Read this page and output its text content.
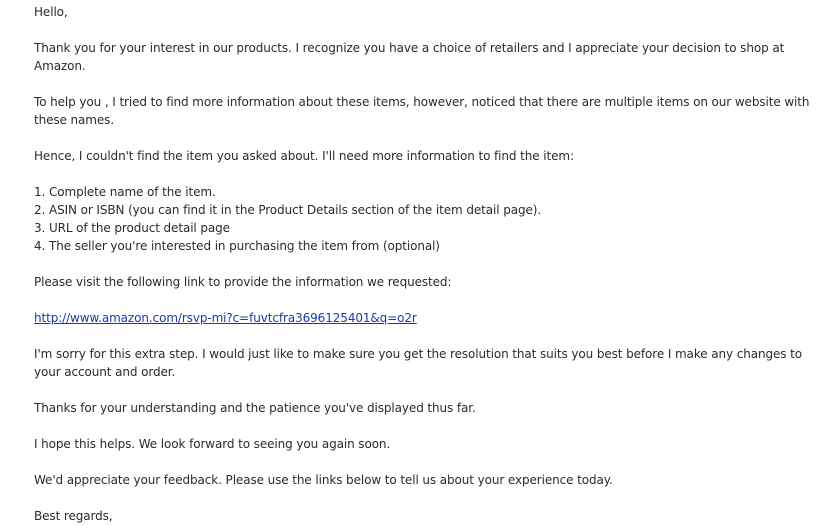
Hello,
Thank you for your interest in our products. I recognize you have a choice of retailers and I appreciate your decision to shop at
Amazon.
To help you , I tried to find more information about these items, however, noticed that there are multiple items on our website with
these names.
Hence, I couldn't find the item you asked about. I'll need more information to find the item:
1. Complete name of the item.
2. ASIN or ISBN (you can find it in the Product Details section of the item detail page).
3. URL of the product detail page
4. The seller you're interested in purchasing the item from (optional)
Please visit the following link to provide the information we requested:
http://www.amazon.com/rsvp-mi?c=fuvtcfra3696125401&q=o2r
I'm sorry for this extra step. I would just like to make sure you get the resolution that suits you best before I make any changes to
your account and order.
Thanks for your understanding and the patience you've displayed thus far.
I hope this helps. We look forward to seeing you again soon.
We'd appreciate your feedback. Please use the links below to tell us about your experience today.
Best regards,
